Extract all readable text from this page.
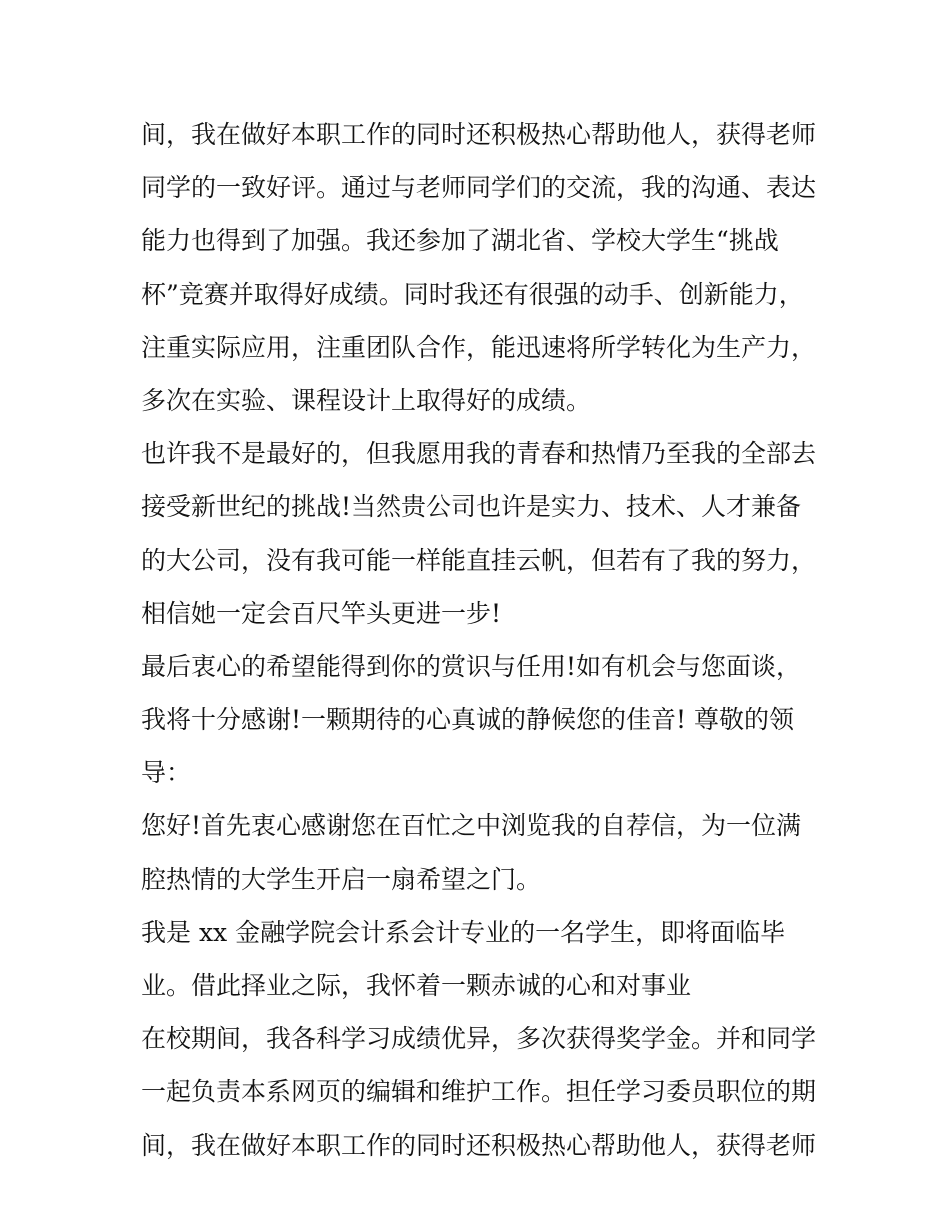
间，我在做好本职工作的同时还积极热心帮助他人，获得老师
同学的一致好评。通过与老师同学们的交流，我的沟通、表达
能力也得到了加强。我还参加了湖北省、学校大学生“挑战
杯”竞赛并取得好成绩。同时我还有很强的动手、创新能力，
注重实际应用，注重团队合作，能迅速将所学转化为生产力，
多次在实验、课程设计上取得好的成绩。
也许我不是最好的，但我愿用我的青春和热情乃至我的全部去
接受新世纪的挑战!当然贵公司也许是实力、技术、人才兼备
的大公司，没有我可能一样能直挂云帆，但若有了我的努力，
相信她一定会百尺竿头更进一步!
最后衷心的希望能得到你的赏识与任用!如有机会与您面谈，
我将十分感谢!一颗期待的心真诚的静候您的佳音! 尊敬的领
导：
您好!首先衷心感谢您在百忙之中浏览我的自荐信，为一位满
腔热情的大学生开启一扇希望之门。
我是 xx 金融学院会计系会计专业的一名学生，即将面临毕
业。借此择业之际，我怀着一颗赤诚的心和对事业
在校期间，我各科学习成绩优异，多次获得奖学金。并和同学
一起负责本系网页的编辑和维护工作。担任学习委员职位的期
间，我在做好本职工作的同时还积极热心帮助他人，获得老师
